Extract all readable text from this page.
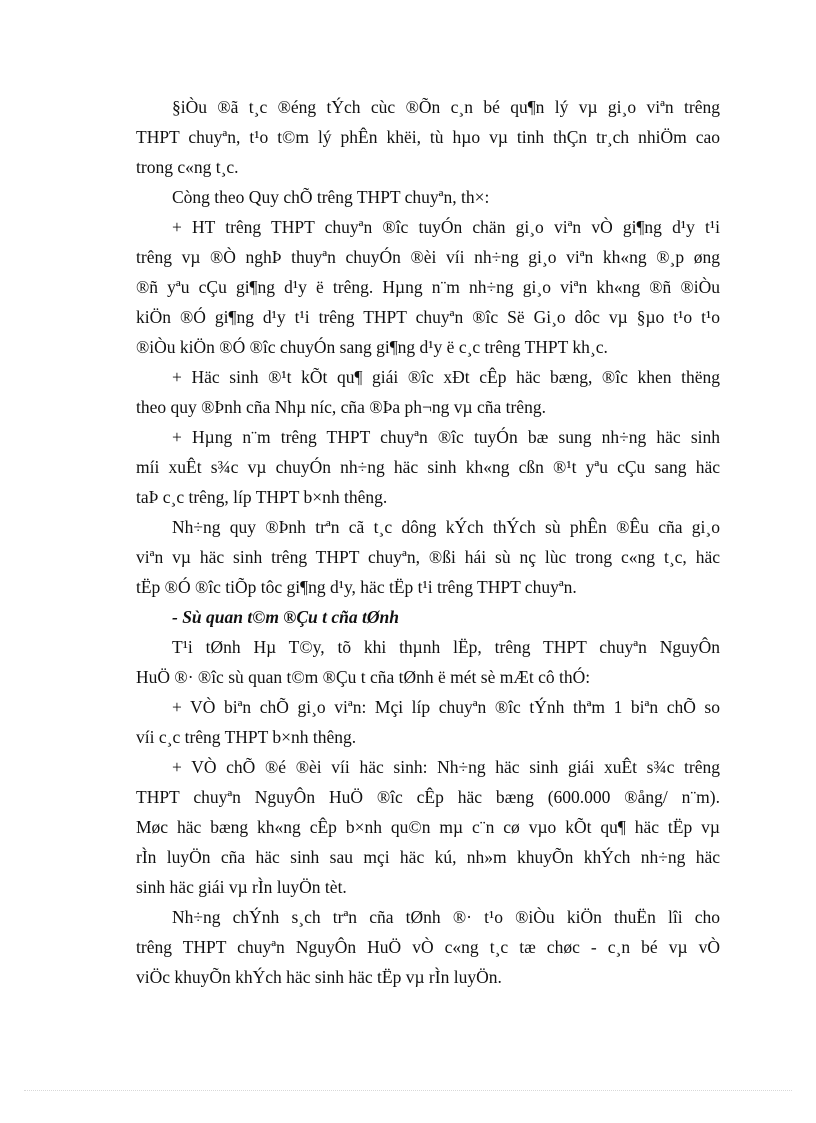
§iÒu ®ã t¸c ®éng tÝch cùc ®Õn c¸n bé qu¶n lý vµ gi¸o viªn trêng
THPT chuyªn, t¹o t©m lý phÊn khëi, tù hµo vµ tinh thÇn tr¸ch nhiÖm cao
trong c«ng t¸c.
Còng theo Quy chÕ trêng THPT chuyªn, th×:
+ HT trêng THPT chuyªn ®îc tuyÓn chän gi¸o viªn vÒ gi¶ng d¹y t¹i
trêng vµ ®Ò nghÞ thuyªn chuyÓn ®èi víi nh÷ng gi¸o viªn kh«ng ®¸p øng
®ñ yªu cÇu gi¶ng d¹y ë trêng. Hµng n¨m nh÷ng gi¸o viªn kh«ng ®ñ ®iÒu
kiÖn ®Ó gi¶ng d¹y t¹i trêng THPT chuyªn ®îc Së Gi¸o dôc vµ §µo t¹o t¹o
®iÒu kiÖn ®Ó ®îc chuyÓn sang gi¶ng d¹y ë c¸c trêng THPT kh¸c.
+ Häc sinh ®¹t kÕt qu¶ giái ®îc xÐt cÊp häc bæng, ®îc khen thëng
theo quy ®Þnh cña Nhµ níc, cña ®Þa ph¬ng vµ cña trêng.
+ Hµng n¨m trêng THPT chuyªn ®îc tuyÓn bæ sung nh÷ng häc sinh
míi xuÊt s¾c vµ chuyÓn nh÷ng häc sinh kh«ng cßn ®¹t yªu cÇu sang häc
taÞ c¸c trêng, líp THPT b×nh thêng.
Nh÷ng quy ®Þnh trªn cã t¸c dông kÝch thÝch sù phÊn ®Êu cña gi¸o
viªn vµ häc sinh trêng THPT chuyªn, ®ßi hái sù nç lùc trong c«ng t¸c, häc
tËp ®Ó ®îc tiÕp tôc gi¶ng d¹y, häc tËp t¹i trêng THPT chuyªn.
- Sù quan t©m ®Çu t cña tØnh
T¹i tØnh Hµ T©y, tõ khi thµnh lËp, trêng THPT chuyªn NguyÔn
HuÖ ®· ®îc sù quan t©m ®Çu t cña tØnh ë mét sè mÆt cô thÓ:
+ VÒ biªn chÕ gi¸o viªn: Mçi líp chuyªn ®îc tÝnh thªm 1 biªn chÕ so
víi c¸c trêng THPT b×nh thêng.
+ VÒ chÕ ®é ®èi víi häc sinh: Nh÷ng häc sinh giái xuÊt s¾c trêng
THPT chuyªn NguyÔn HuÖ ®îc cÊp häc bæng (600.000 ®ång/ n¨m).
Møc häc bæng kh«ng cÊp b×nh qu©n mµ c¨n cø vµo kÕt qu¶ häc tËp vµ
rÌn luyÖn cña häc sinh sau mçi häc kú, nh»m khuyÕn khÝch nh÷ng häc
sinh häc giái vµ rÌn luyÖn tèt.
Nh÷ng chÝnh s¸ch trªn cña tØnh ®· t¹o ®iÒu kiÖn thuËn lîi cho
trêng THPT chuyªn NguyÔn HuÖ vÒ c«ng t¸c tæ chøc - c¸n bé vµ vÒ
viÖc khuyÕn khÝch häc sinh häc tËp vµ rÌn luyÖn.
